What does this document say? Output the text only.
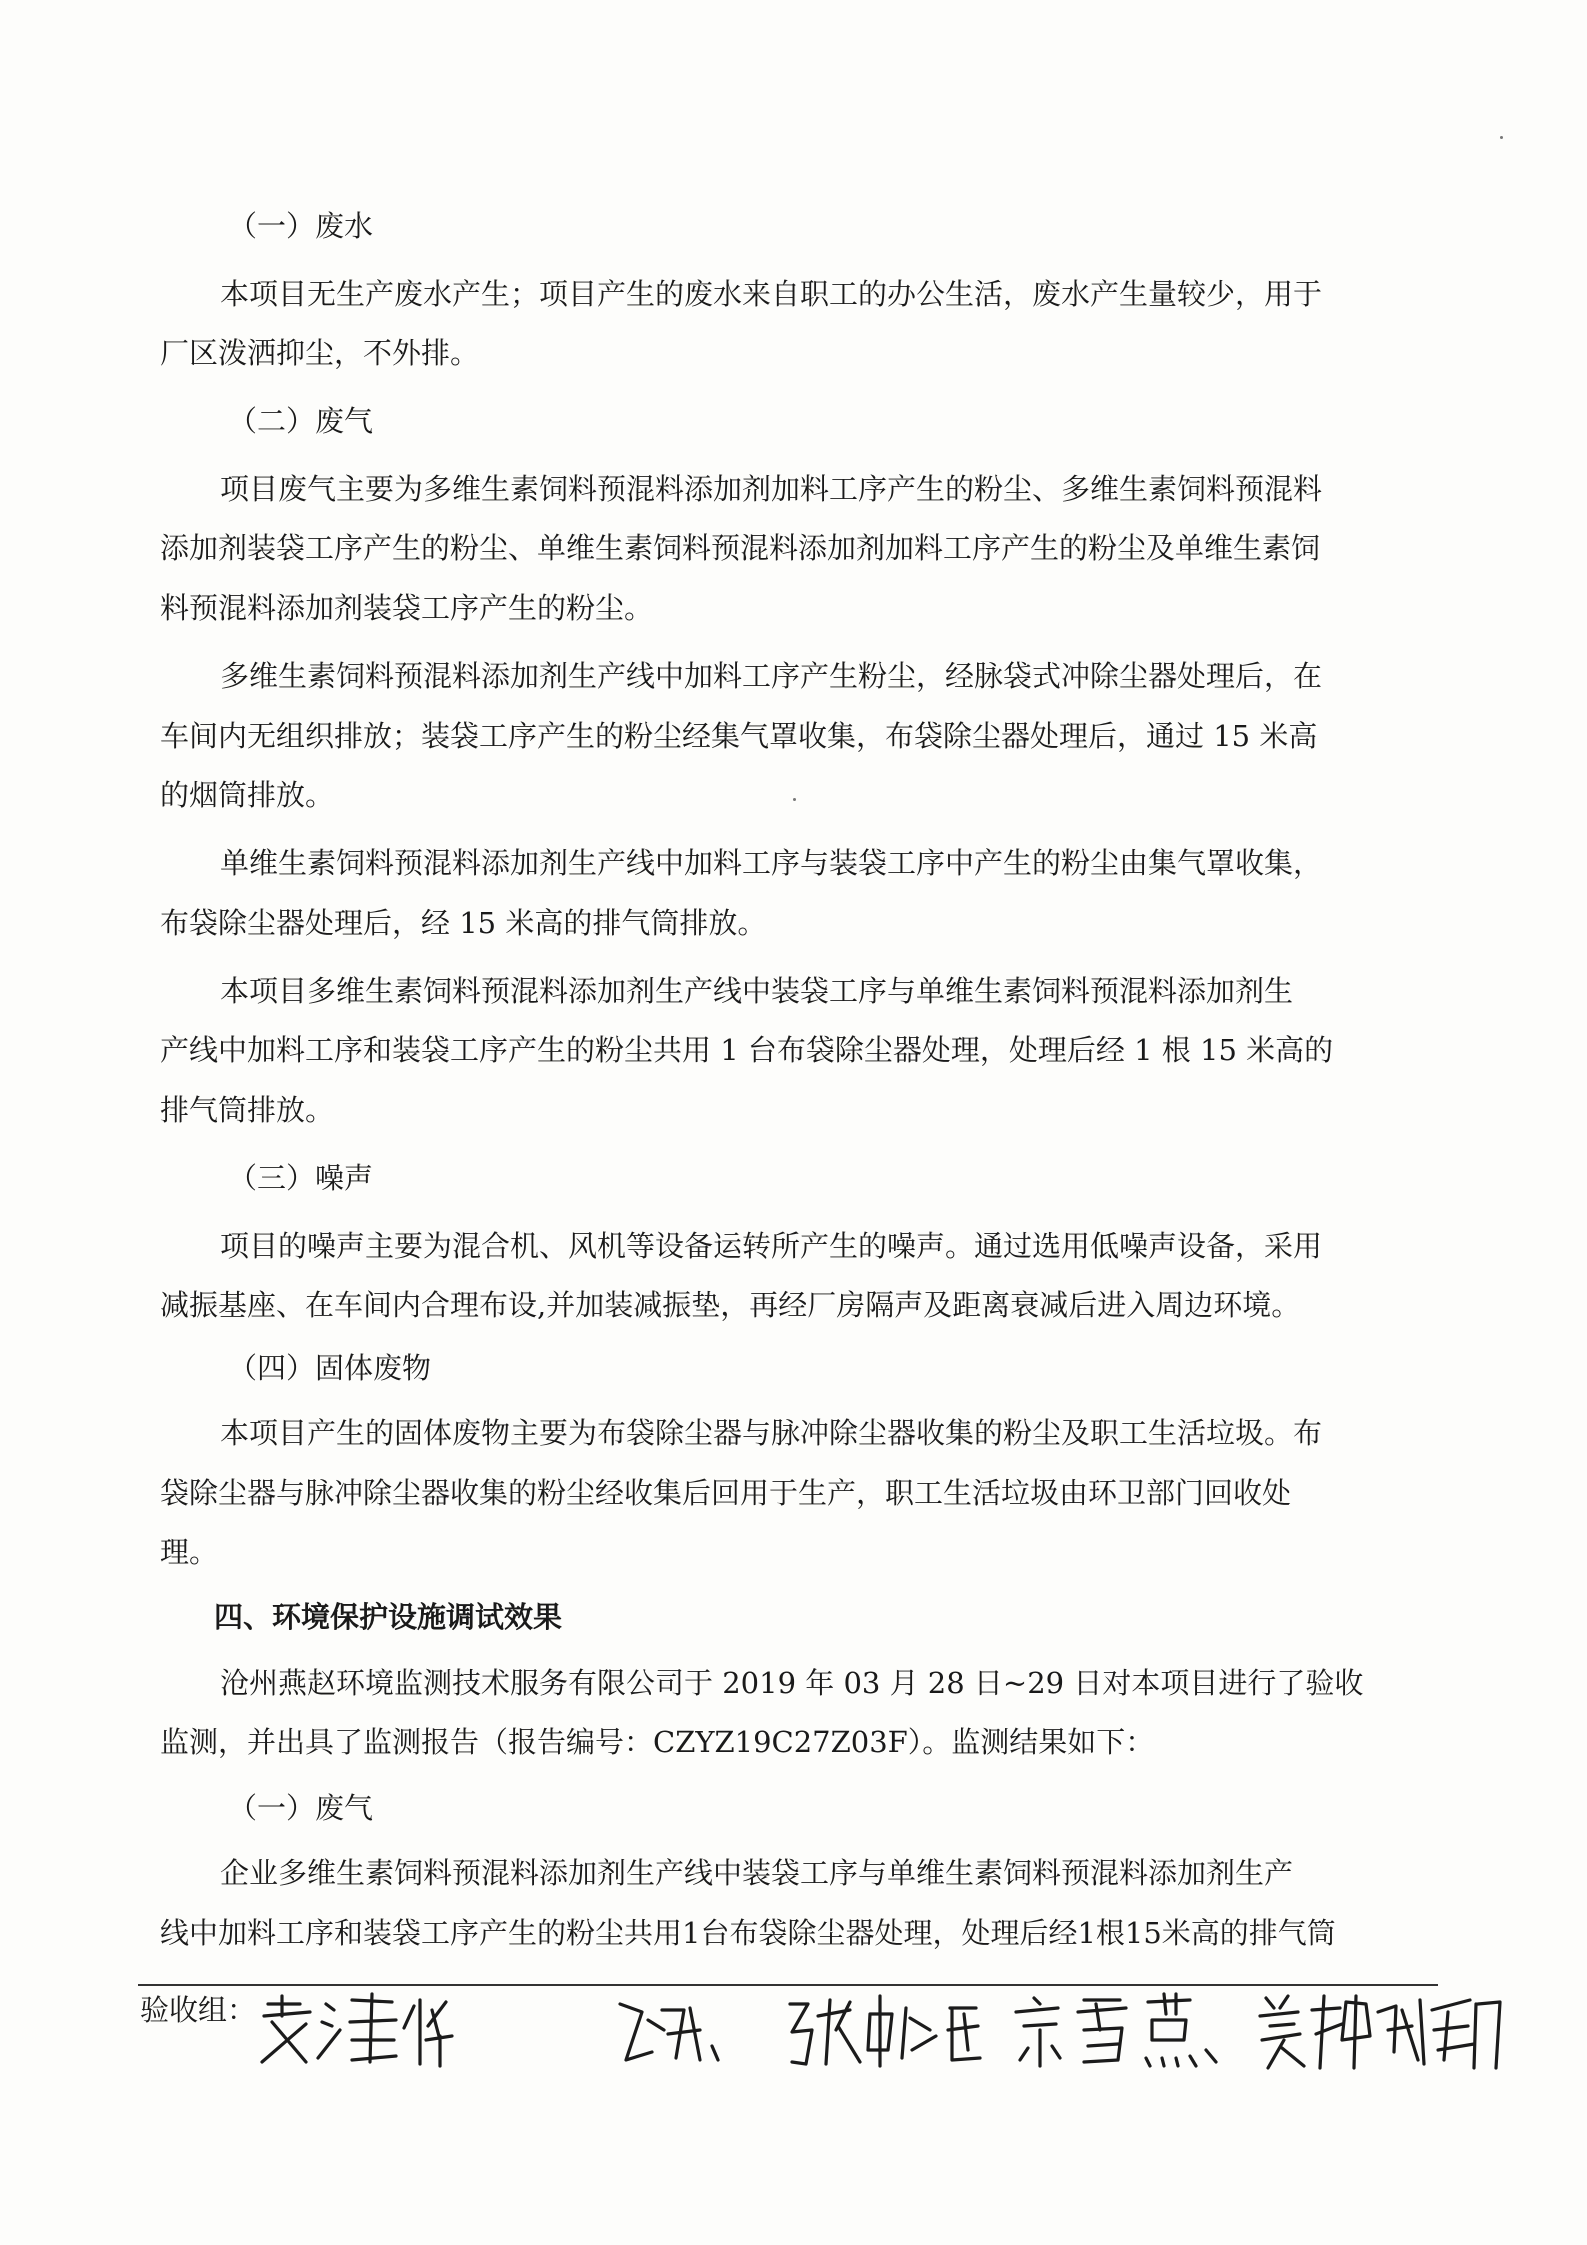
（一）废水
本项目无生产废水产生；项目产生的废水来自职工的办公生活，废水产生量较少，用于
厂区泼洒抑尘，不外排。
（二）废气
项目废气主要为多维生素饲料预混料添加剂加料工序产生的粉尘、多维生素饲料预混料
添加剂装袋工序产生的粉尘、单维生素饲料预混料添加剂加料工序产生的粉尘及单维生素饲
料预混料添加剂装袋工序产生的粉尘。
多维生素饲料预混料添加剂生产线中加料工序产生粉尘，经脉袋式冲除尘器处理后，在
车间内无组织排放；装袋工序产生的粉尘经集气罩收集，布袋除尘器处理后，通过 15 米高
的烟筒排放。
单维生素饲料预混料添加剂生产线中加料工序与装袋工序中产生的粉尘由集气罩收集，
布袋除尘器处理后，经 15 米高的排气筒排放。
本项目多维生素饲料预混料添加剂生产线中装袋工序与单维生素饲料预混料添加剂生
产线中加料工序和装袋工序产生的粉尘共用 1 台布袋除尘器处理，处理后经 1 根 15 米高的
排气筒排放。
（三）噪声
项目的噪声主要为混合机、风机等设备运转所产生的噪声。通过选用低噪声设备，采用
减振基座、在车间内合理布设,并加装减振垫，再经厂房隔声及距离衰减后进入周边环境。
（四）固体废物
本项目产生的固体废物主要为布袋除尘器与脉冲除尘器收集的粉尘及职工生活垃圾。布
袋除尘器与脉冲除尘器收集的粉尘经收集后回用于生产，职工生活垃圾由环卫部门回收处
理。
四、环境保护设施调试效果
沧州燕赵环境监测技术服务有限公司于 2019 年 03 月 28 日~29 日对本项目进行了验收
监测，并出具了监测报告（报告编号：CZYZ19C27Z03F）。监测结果如下：
（一）废气
企业多维生素饲料预混料添加剂生产线中装袋工序与单维生素饲料预混料添加剂生产
线中加料工序和装袋工序产生的粉尘共用1台布袋除尘器处理，处理后经1根15米高的排气筒
验收组：
